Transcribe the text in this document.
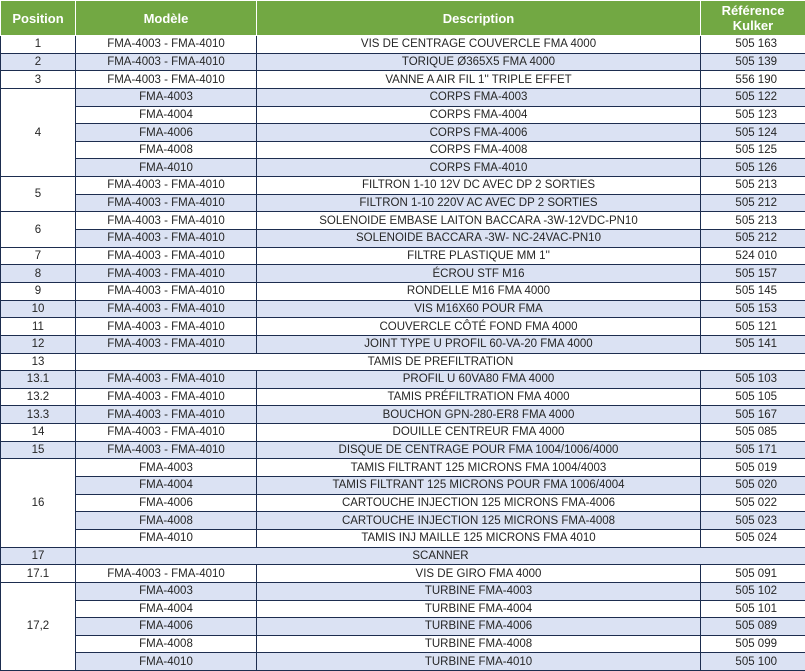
Position	Modèle	Description	Référence
Kulker
1	FMA-4003 - FMA-4010	VIS DE CENTRAGE COUVERCLE FMA 4000	505 163
2	FMA-4003 - FMA-4010	TORIQUE Ø365X5 FMA 4000	505 139
3	FMA-4003 - FMA-4010	VANNE A AIR FIL 1'' TRIPLE EFFET	556 190
4	FMA-4003	CORPS FMA-4003	505 122
	FMA-4004	CORPS FMA-4004	505 123
	FMA-4006	CORPS FMA-4006	505 124
	FMA-4008	CORPS FMA-4008	505 125
	FMA-4010	CORPS FMA-4010	505 126
5	FMA-4003 - FMA-4010	FILTRON 1-10 12V DC AVEC DP 2 SORTIES	505 213
	FMA-4003 - FMA-4010	FILTRON 1-10 220V AC AVEC DP 2 SORTIES	505 212
6	FMA-4003 - FMA-4010	SOLENOIDE EMBASE LAITON BACCARA -3W-12VDC-PN10	505 213
	FMA-4003 - FMA-4010	SOLENOIDE BACCARA -3W- NC-24VAC-PN10	505 212
7	FMA-4003 - FMA-4010	FILTRE PLASTIQUE MM 1''	524 010
8	FMA-4003 - FMA-4010	ÉCROU STF M16	505 157
9	FMA-4003 - FMA-4010	RONDELLE M16 FMA 4000	505 145
10	FMA-4003 - FMA-4010	VIS M16X60 POUR FMA	505 153
11	FMA-4003 - FMA-4010	COUVERCLE CÔTÉ FOND FMA 4000	505 121
12	FMA-4003 - FMA-4010	JOINT TYPE U PROFIL 60-VA-20 FMA 4000	505 141
13	TAMIS DE PREFILTRATION		
13.1	FMA-4003 - FMA-4010	PROFIL U 60VA80 FMA 4000	505 103
13.2	FMA-4003 - FMA-4010	TAMIS PRÉFILTRATION FMA 4000	505 105
13.3	FMA-4003 - FMA-4010	BOUCHON GPN-280-ER8 FMA 4000	505 167
14	FMA-4003 - FMA-4010	DOUILLE CENTREUR FMA 4000	505 085
15	FMA-4003 - FMA-4010	DISQUE DE CENTRAGE POUR FMA 1004/1006/4000	505 171
16	FMA-4003	TAMIS FILTRANT 125 MICRONS FMA 1004/4003	505 019
	FMA-4004	TAMIS FILTRANT 125 MICRONS POUR FMA 1006/4004	505 020
	FMA-4006	CARTOUCHE INJECTION 125 MICRONS FMA-4006	505 022
	FMA-4008	CARTOUCHE INJECTION 125 MICRONS FMA-4008	505 023
	FMA-4010	TAMIS INJ MAILLE 125 MICRONS FMA 4010	505 024
17	SCANNER		
17.1	FMA-4003 - FMA-4010	VIS DE GIRO FMA 4000	505 091
17,2	FMA-4003	TURBINE FMA-4003	505 102
	FMA-4004	TURBINE FMA-4004	505 101
	FMA-4006	TURBINE FMA-4006	505 089
	FMA-4008	TURBINE FMA-4008	505 099
	FMA-4010	TURBINE FMA-4010	505 100
